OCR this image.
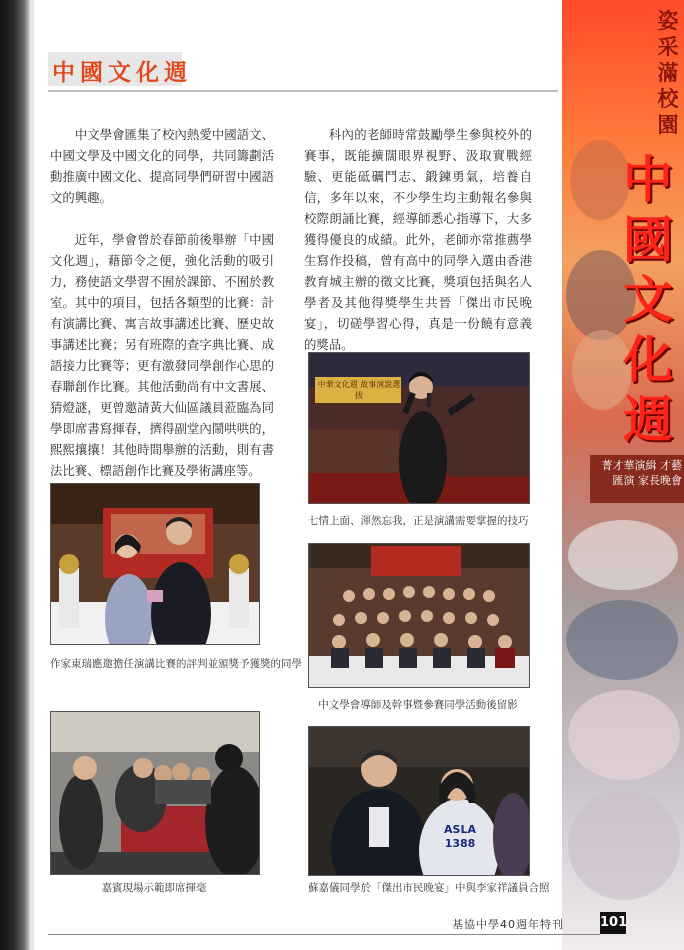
中國文化週

中文學會匯集了校內熱愛中國語文、中國文學及中國文化的同學，共同籌劃活動推廣中國文化、提高同學們研習中國語文的興趣。

近年，學會曾於春節前後舉辦「中國文化週」，藉節令之便，強化活動的吸引力，務使語文學習不囿於課節、不囿於教室。其中的項目，包括各類型的比賽：計有演講比賽、寓言故事講述比賽、歷史故事講述比賽；另有班際的查字典比賽、成語接力比賽等；更有激發同學創作心思的春聯創作比賽。其他活動尚有中文書展、猜燈謎，更曾邀請黃大仙區議員蒞臨為同學即席書寫揮春，擠得副堂內鬧哄哄的，熙熙攘攘！其他時間舉辦的活動，則有書法比賽、標語創作比賽及學術講座等。

科內的老師時常鼓勵學生參與校外的賽事，既能擴闊眼界視野、汲取實戰經驗、更能砥礪鬥志、鍛鍊勇氣，培養自信，多年以來，不少學生均主動報名參與校際朗誦比賽，經導師悉心指導下，大多獲得優良的成績。此外，老師亦常推薦學生寫作投稿，曾有高中的同學入選由香港教育城主辦的徵文比賽，獎項包括與名人學者及其他得獎學生共晉「傑出市民晚宴」，切磋學習心得，真是一份饒有意義的獎品。

作家東瑞應邀擔任演講比賽的評判並頒獎予獲獎的同學
嘉賓現場示範即席揮毫
中華文化週 故事演說選拔
七情上面、渾然忘我，正是演講需要掌握的技巧
中文學會導師及幹事暨參賽同學活動後留影
ASLA 1388
蘇嘉儀同學於「傑出市民晚宴」中與李家祥議員合照
姿采滿校園
中國文化週
菁才華演緝 才藝匯演 家長晚會
基協中學40週年特刊	101
